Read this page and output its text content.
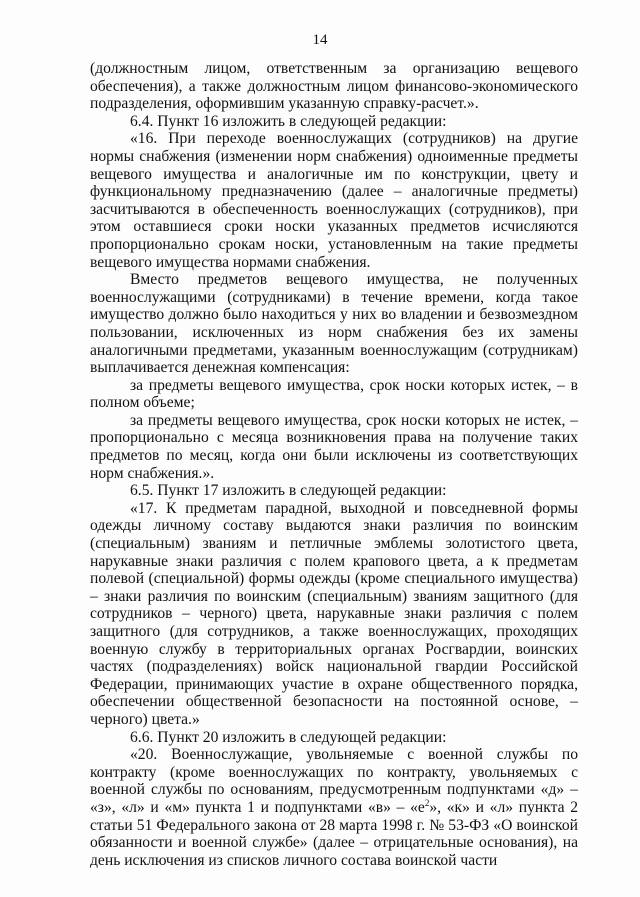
14

(должностным лицом, ответственным за организацию вещевого обеспечения), а также должностным лицом финансово-экономического подразделения, оформившим указанную справку-расчет.».

6.4. Пункт 16 изложить в следующей редакции:

«16. При переходе военнослужащих (сотрудников) на другие нормы снабжения (изменении норм снабжения) одноименные предметы вещевого имущества и аналогичные им по конструкции, цвету и функциональному предназначению (далее – аналогичные предметы) засчитываются в обеспеченность военнослужащих (сотрудников), при этом оставшиеся сроки носки указанных предметов исчисляются пропорционально срокам носки, установленным на такие предметы вещевого имущества нормами снабжения.

Вместо предметов вещевого имущества, не полученных военнослужащими (сотрудниками) в течение времени, когда такое имущество должно было находиться у них во владении и безвозмездном пользовании, исключенных из норм снабжения без их замены аналогичными предметами, указанным военнослужащим (сотрудникам) выплачивается денежная компенсация:

за предметы вещевого имущества, срок носки которых истек, – в полном объеме;

за предметы вещевого имущества, срок носки которых не истек, – пропорционально с месяца возникновения права на получение таких предметов по месяц, когда они были исключены из соответствующих норм снабжения.».

6.5. Пункт 17 изложить в следующей редакции:

«17. К предметам парадной, выходной и повседневной формы одежды личному составу выдаются знаки различия по воинским (специальным) званиям и петличные эмблемы золотистого цвета, нарукавные знаки различия с полем крапового цвета, а к предметам полевой (специальной) формы одежды (кроме специального имущества) – знаки различия по воинским (специальным) званиям защитного (для сотрудников – черного) цвета, нарукавные знаки различия с полем защитного (для сотрудников, а также военнослужащих, проходящих военную службу в территориальных органах Росгвардии, воинских частях (подразделениях) войск национальной гвардии Российской Федерации, принимающих участие в охране общественного порядка, обеспечении общественной безопасности на постоянной основе, – черного) цвета.»

6.6. Пункт 20 изложить в следующей редакции:

«20. Военнослужащие, увольняемые с военной службы по контракту (кроме военнослужащих по контракту, увольняемых с военной службы по основаниям, предусмотренным подпунктами «д» – «з», «л» и «м» пункта 1 и подпунктами «в» – «$е^2$», «к» и «л» пункта 2 статьи 51 Федерального закона от 28 марта 1998 г. № 53-ФЗ «О воинской обязанности и военной службе» (далее – отрицательные основания), на день исключения из списков личного состава воинской части
